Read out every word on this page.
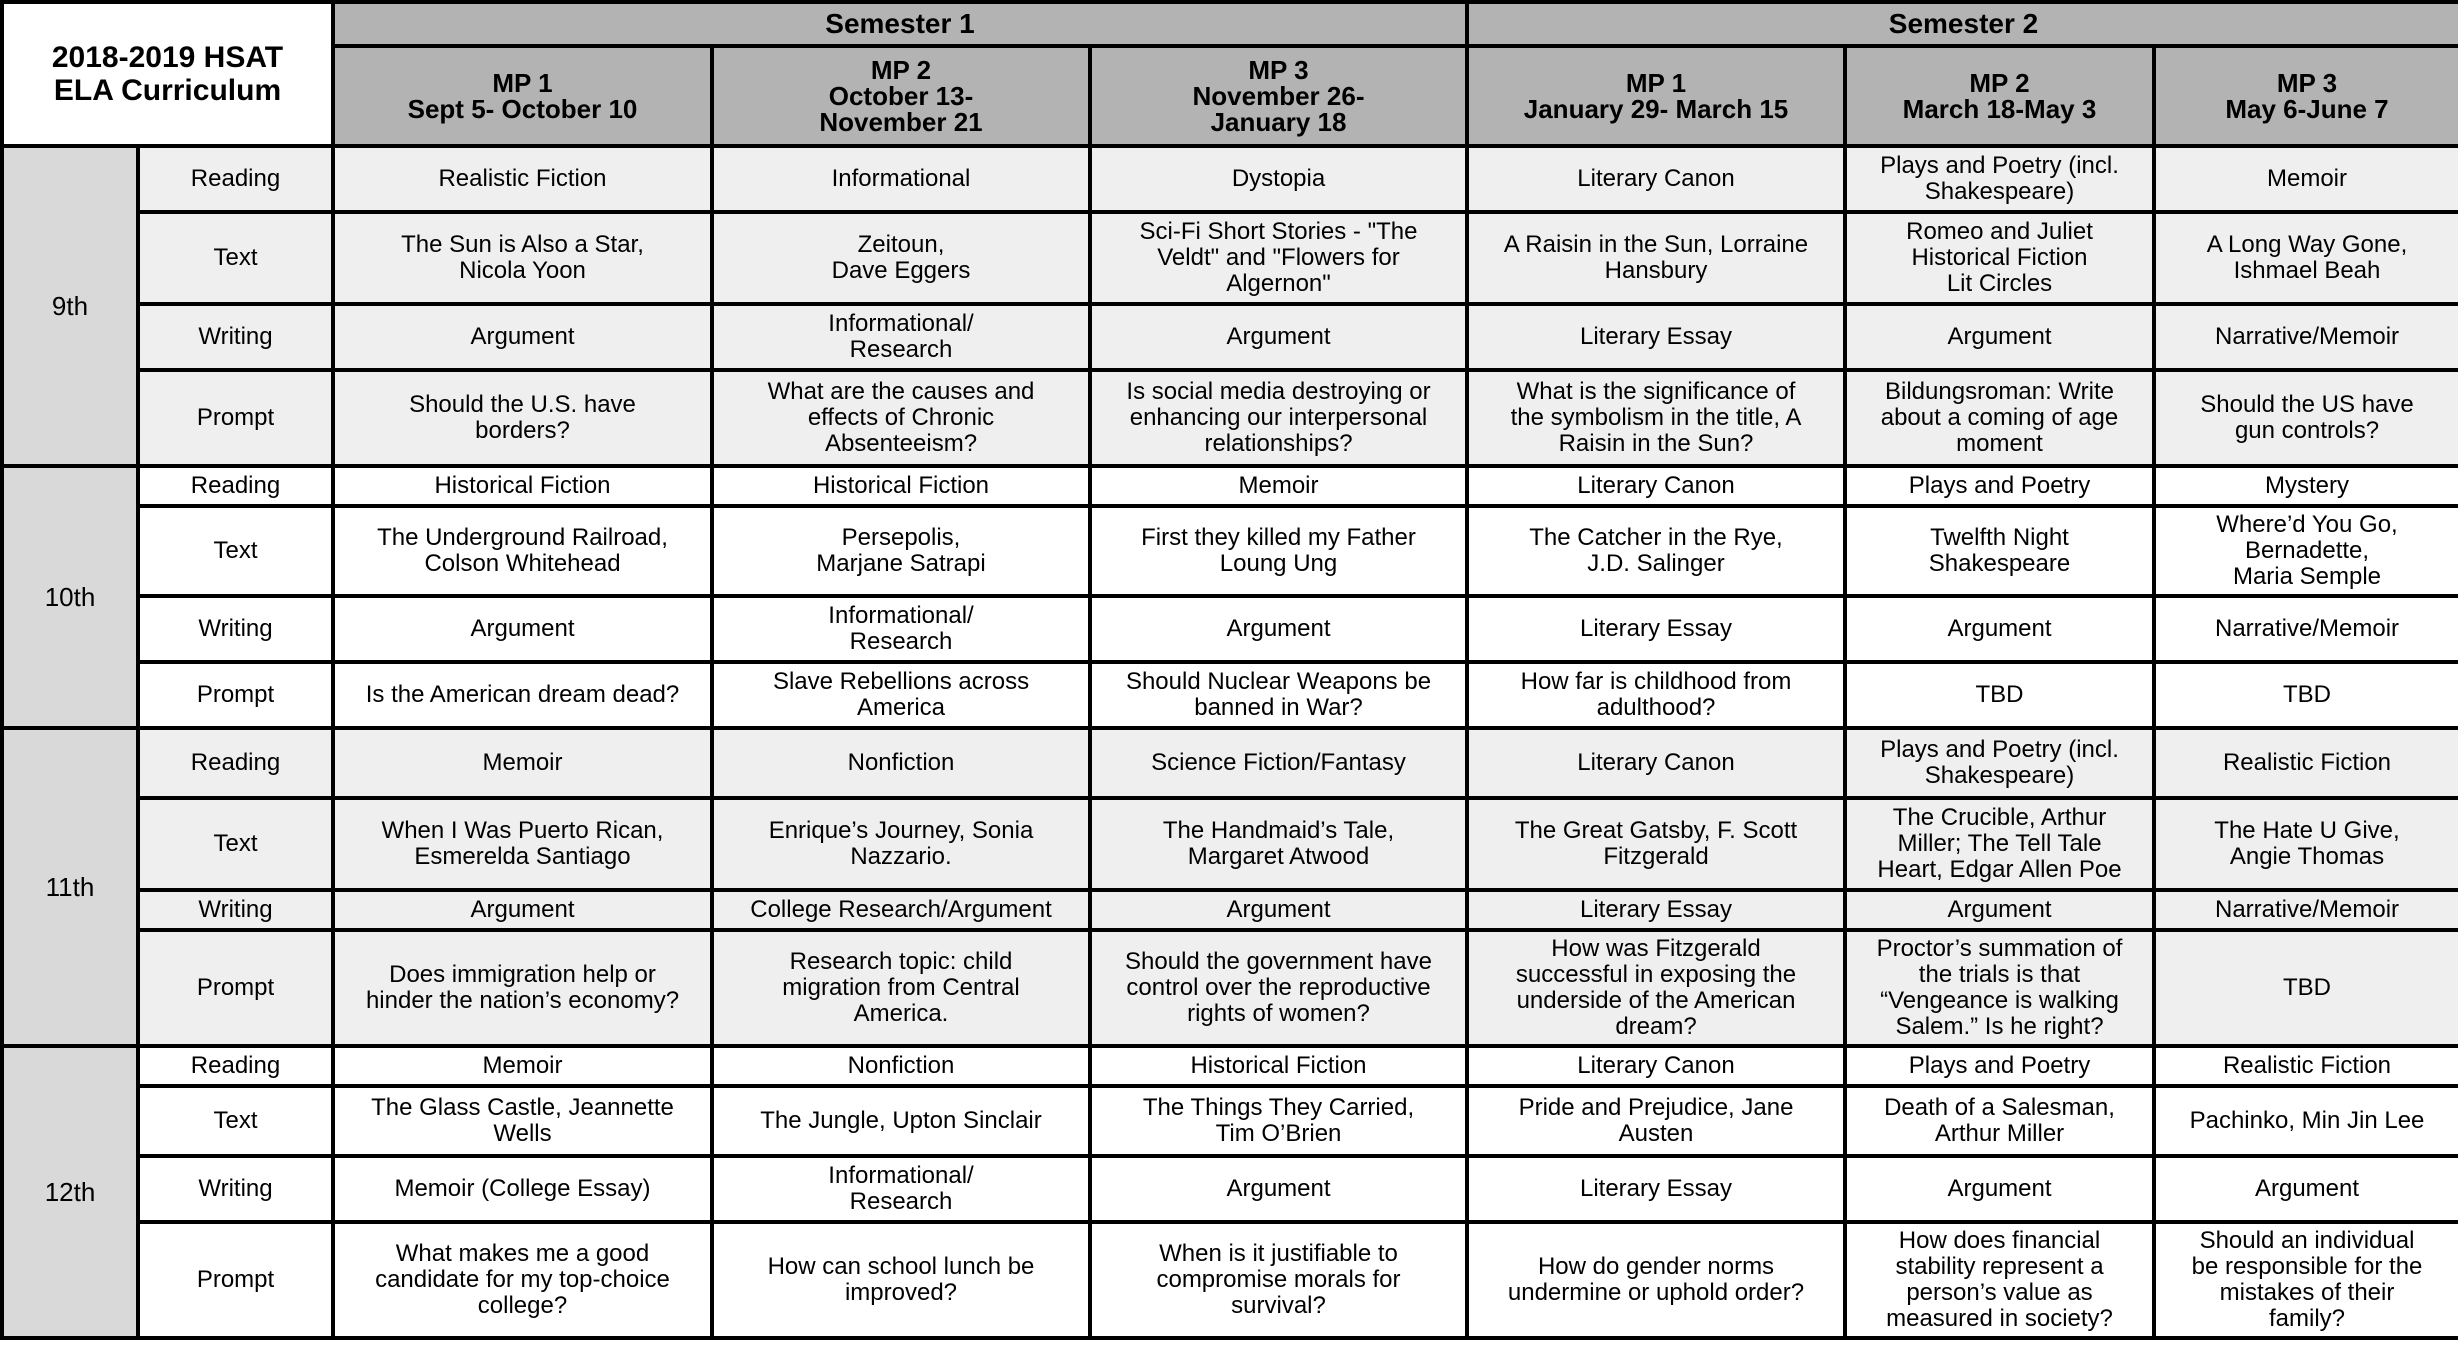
2018-2019 HSAT
ELA Curriculum		Semester 1			Semester 2		
		MP 1
Sept 5- October 10	MP 2
October 13-
November 21	MP 3
November 26-
January 18	MP 1
January 29- March 15	MP 2
March 18-May 3	MP 3
May 6-June 7
9th	Reading	Realistic Fiction	Informational	Dystopia	Literary Canon	Plays and Poetry (incl.
Shakespeare)	Memoir
	Text	The Sun is Also a Star,
Nicola Yoon	Zeitoun,
Dave Eggers	Sci-Fi Short Stories - "The
Veldt" and "Flowers for
Algernon"	A Raisin in the Sun, Lorraine
Hansbury	Romeo and Juliet
Historical Fiction
Lit Circles	A Long Way Gone,
Ishmael Beah
	Writing	Argument	Informational/
Research	Argument	Literary Essay	Argument	Narrative/Memoir
	Prompt	Should the U.S. have
borders?	What are the causes and
effects of Chronic
Absenteeism?	Is social media destroying or
enhancing our interpersonal
relationships?	What is the significance of
the symbolism in the title, A
Raisin in the Sun?	Bildungsroman: Write
about a coming of age
moment	Should the US have
gun controls?
10th	Reading	Historical Fiction	Historical Fiction	Memoir	Literary Canon	Plays and Poetry	Mystery
	Text	The Underground Railroad,
Colson Whitehead	Persepolis,
Marjane Satrapi	First they killed my Father
Loung Ung	The Catcher in the Rye,
J.D. Salinger	Twelfth Night
Shakespeare	Where’d You Go,
Bernadette,
Maria Semple
	Writing	Argument	Informational/
Research	Argument	Literary Essay	Argument	Narrative/Memoir
	Prompt	Is the American dream dead?	Slave Rebellions across
America	Should Nuclear Weapons be
banned in War?	How far is childhood from
adulthood?	TBD	TBD
11th	Reading	Memoir	Nonfiction	Science Fiction/Fantasy	Literary Canon	Plays and Poetry (incl.
Shakespeare)	Realistic Fiction
	Text	When I Was Puerto Rican,
Esmerelda Santiago	Enrique’s Journey, Sonia
Nazzario.	The Handmaid’s Tale,
Margaret Atwood	The Great Gatsby, F. Scott
Fitzgerald	The Crucible, Arthur
Miller; The Tell Tale
Heart, Edgar Allen Poe	The Hate U Give,
Angie Thomas
	Writing	Argument	College Research/Argument	Argument	Literary Essay	Argument	Narrative/Memoir
	Prompt	Does immigration help or
hinder the nation’s economy?	Research topic: child
migration from Central
America.	Should the government have
control over the reproductive
rights of women?	How was Fitzgerald
successful in exposing the
underside of the American
dream?	Proctor’s summation of
the trials is that
“Vengeance is walking
Salem.” Is he right?	TBD
12th	Reading	Memoir	Nonfiction	Historical Fiction	Literary Canon	Plays and Poetry	Realistic Fiction
	Text	The Glass Castle, Jeannette
Wells	The Jungle, Upton Sinclair	The Things They Carried,
Tim O’Brien	Pride and Prejudice, Jane
Austen	Death of a Salesman,
Arthur Miller	Pachinko, Min Jin Lee
	Writing	Memoir (College Essay)	Informational/
Research	Argument	Literary Essay	Argument	Argument
	Prompt	What makes me a good
candidate for my top-choice
college?	How can school lunch be
improved?	When is it justifiable to
compromise morals for
survival?	How do gender norms
undermine or uphold order?	How does financial
stability represent a
person’s value as
measured in society?	Should an individual
be responsible for the
mistakes of their
family?
